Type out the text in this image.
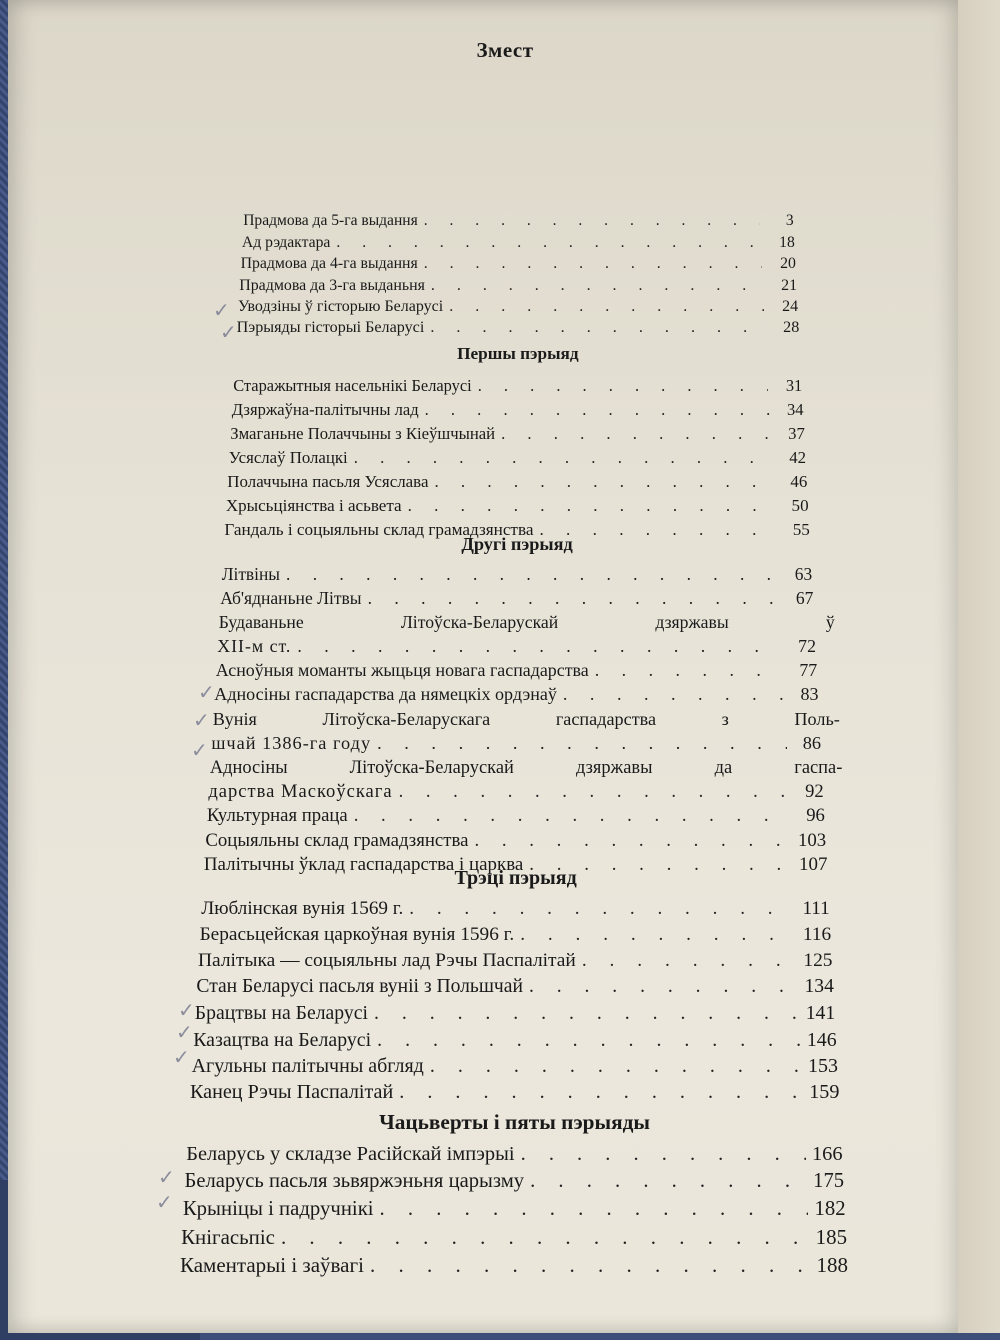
Змест
Прадмова да 5-га выдання . . .	3
Ад рэдактара . . .	18
Прадмова да 4-га выдання . . .	20
Прадмова да 3-га выданьня . . .	21
Уводзіны ў гісторыю Беларусі . . .	24
Пэрыяды гісторыі Беларусі . . .	28
Першы пэрыяд
Старажытныя насельнікі Беларусі . . .	31
Дзяржаўна-палітычны лад . . .	34
Змаганьне Полаччыны з Кіеўшчынай . . .	37
Усяслаў Полацкі . . .	42
Полаччына пасьля Усяслава . . .	46
Хрысьціянства і асьвета . . .	50
Гандаль і соцыяльны склад грамадзянства . . .	55
Другі пэрыяд
Літвіны . . .	63
Аб'яднаньне Літвы . . .	67
Будаваньне Літоўска-Беларускай дзяржавы ў
XII-м ст. . . .	72
Асноўныя моманты жыцьця новага гаспадарства . . .	77
Адносіны гаспадарства да нямецкіх ордэнаў . . .	83
Вунія Літоўска-Беларускага гаспадарства з Поль-
шчай 1386-га году . . .	86
Адносіны Літоўска-Беларускай дзяржавы да гаспа-
дарства Маскоўскага . . .	92
Культурная праца . . .	96
Соцыяльны склад грамадзянства . . .	103
Палітычны ўклад гаспадарства і царква . . .	107
Трэці пэрыяд
Люблінская вунія 1569 г. . . .	111
Берасьцейская царкоўная вунія 1596 г. . . .	116
Палітыка — соцыяльны лад Рэчы Паспалітай . . .	125
Стан Беларусі пасьля вуніі з Польшчай . . .	134
Брацтвы на Беларусі . . .	141
Казацтва на Беларусі . . .	146
Агульны палітычны абгляд . . .	153
Канец Рэчы Паспалітай . . .	159
Чацьверты і пяты пэрыяды
Беларусь у складзе Расійскай імпэрыі . . .	166
Беларусь пасьля зьвяржэньня царызму . . .	175
Крыніцы і падручнікі . . .	182
Кнігасьпіс . . .	185
Каментарыі і заўвагі . . .	188
✓
✓
✓
✓
✓
✓
✓
✓
✓
✓
